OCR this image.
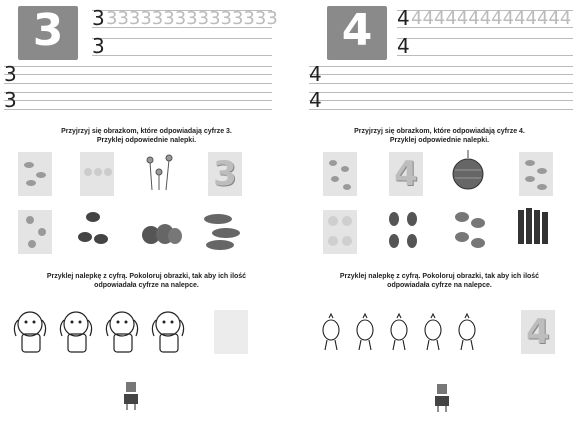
3	3 333333333333333
3
3
3
Przyjrzyj się obrazkom, które odpowiadają cyfrze 3.
Przyklej odpowiednie nalepki.
3
Przyklej nalepkę z cyfrą. Pokoloruj obrazki, tak aby ich ilość
odpowiadała cyfrze na nalepce.
4	4 44444444444444
4
4
4
Przyjrzyj się obrazkom, które odpowiadają cyfrze 4.
Przyklej odpowiednie nalepki.
4
Przyklej nalepkę z cyfrą. Pokoloruj obrazki, tak aby ich ilość
odpowiadała cyfrze na nalepce.
4
